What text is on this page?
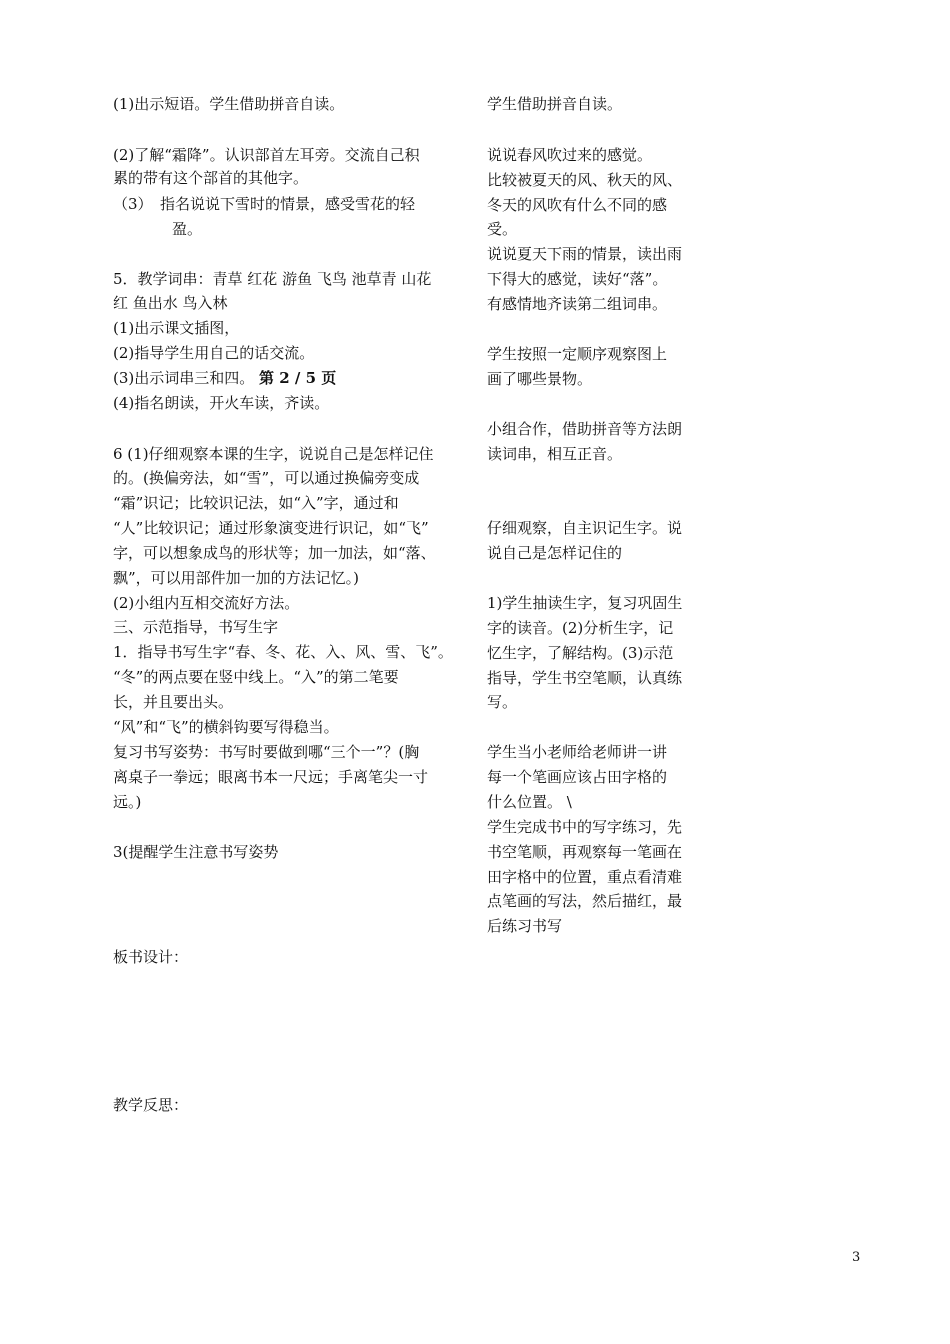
(1)出示短语。学生借助拼音自读。
(2)了解“霜降”。认识部首左耳旁。交流自己积
累的带有这个部首的其他字。
（3）　指名说说下雪时的情景，感受雪花的轻
盈。
5．教学词串：青草 红花 游鱼 飞鸟 池草青 山花
红 鱼出水 鸟入林
(1)出示课文插图，
(2)指导学生用自己的话交流。
(3)出示词串三和四。 第 2 / 5 页
(4)指名朗读，开火车读，齐读。
6 (1)仔细观察本课的生字，说说自己是怎样记住
的。(换偏旁法，如“雪”，可以通过换偏旁变成
“霜”识记；比较识记法，如“入”字，通过和
“人”比较识记；通过形象演变进行识记，如“飞”
字，可以想象成鸟的形状等；加一加法，如“落、
飘”，可以用部件加一加的方法记忆。)
(2)小组内互相交流好方法。
三、示范指导，书写生字
1．指导书写生字“春、冬、花、入、风、雪、飞”。
“冬”的两点要在竖中线上。“入”的第二笔要
长，并且要出头。
“风”和“飞”的横斜钩要写得稳当。
复习书写姿势：书写时要做到哪“三个一”？(胸
离桌子一拳远；眼离书本一尺远；手离笔尖一寸
远。)
3(提醒学生注意书写姿势
学生借助拼音自读。
说说春风吹过来的感觉。
比较被夏天的风、秋天的风、
冬天的风吹有什么不同的感
受。
说说夏天下雨的情景，读出雨
下得大的感觉，读好“落”。
有感情地齐读第二组词串。
学生按照一定顺序观察图上
画了哪些景物。
小组合作，借助拼音等方法朗
读词串，相互正音。
仔细观察，自主识记生字。说
说自己是怎样记住的
1)学生抽读生字，复习巩固生
字的读音。(2)分析生字，记
忆生字，了解结构。(3)示范
指导，学生书空笔顺，认真练
写。
学生当小老师给老师讲一讲
每一个笔画应该占田字格的
什么位置。 \
学生完成书中的写字练习，先
书空笔顺，再观察每一笔画在
田字格中的位置，重点看清难
点笔画的写法，然后描红，最
后练习书写
板书设计：
教学反思：
3
